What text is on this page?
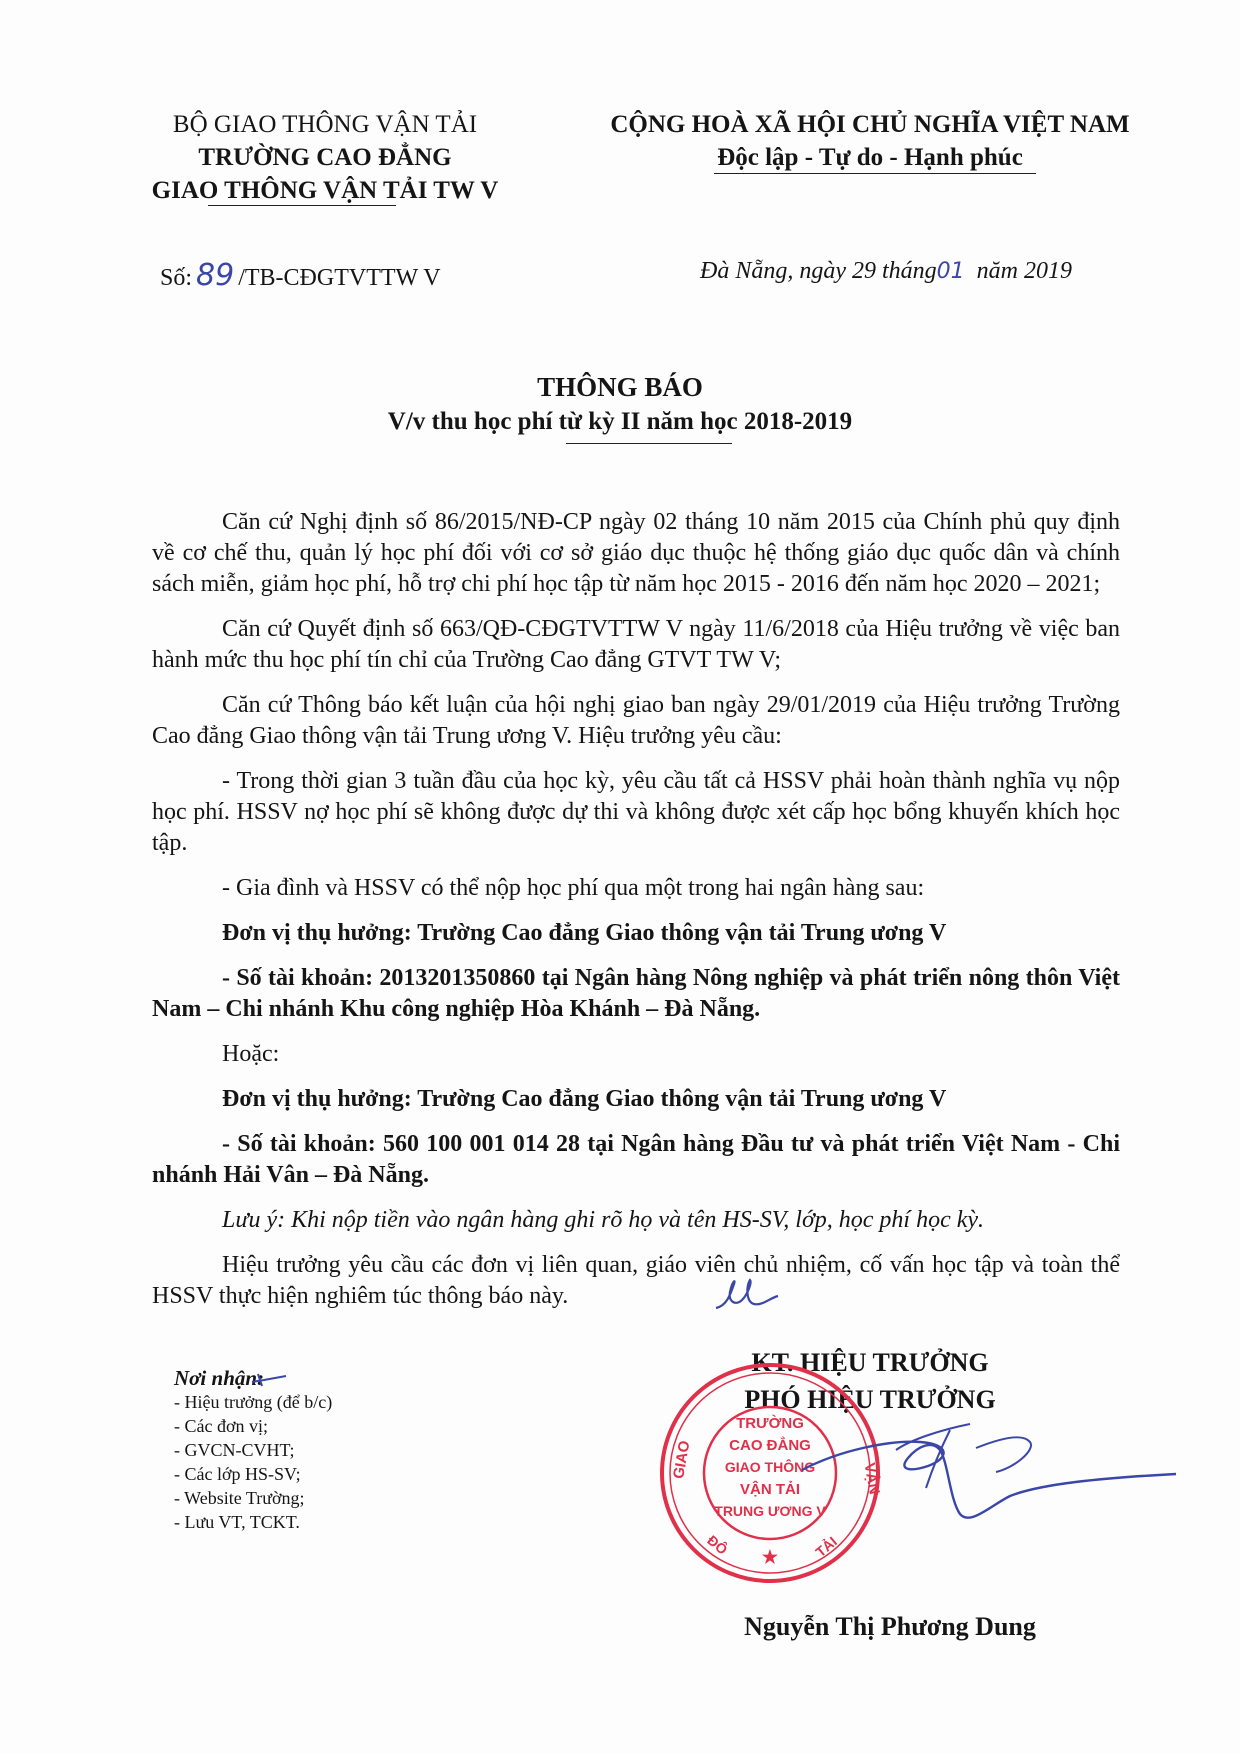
BỘ GIAO THÔNG VẬN TẢI
TRƯỜNG CAO ĐẲNG
GIAO THÔNG VẬN TẢI TW V
CỘNG HOÀ XÃ HỘI CHỦ NGHĨA VIỆT NAM
Độc lập - Tự do - Hạnh phúc
Số: 89 /TB-CĐGTVTTW V	Đà Nẵng, ngày 29 tháng01 năm 2019
THÔNG BÁO
V/v thu học phí từ kỳ II năm học 2018-2019

Căn cứ Nghị định số 86/2015/NĐ-CP ngày 02 tháng 10 năm 2015 của Chính phủ quy định về cơ chế thu, quản lý học phí đối với cơ sở giáo dục thuộc hệ thống giáo dục quốc dân và chính sách miễn, giảm học phí, hỗ trợ chi phí học tập từ năm học 2015 - 2016 đến năm học 2020 – 2021;

Căn cứ Quyết định số 663/QĐ-CĐGTVTTW V ngày 11/6/2018 của Hiệu trưởng về việc ban hành mức thu học phí tín chỉ của Trường Cao đẳng GTVT TW V;

Căn cứ Thông báo kết luận của hội nghị giao ban ngày 29/01/2019 của Hiệu trưởng Trường Cao đẳng Giao thông vận tải Trung ương V. Hiệu trưởng yêu cầu:

- Trong thời gian 3 tuần đầu của học kỳ, yêu cầu tất cả HSSV phải hoàn thành nghĩa vụ nộp học phí. HSSV nợ học phí sẽ không được dự thi và không được xét cấp học bổng khuyến khích học tập.

- Gia đình và HSSV có thể nộp học phí qua một trong hai ngân hàng sau:

Đơn vị thụ hưởng: Trường Cao đẳng Giao thông vận tải Trung ương V

- Số tài khoản: 2013201350860 tại Ngân hàng Nông nghiệp và phát triển nông thôn Việt Nam – Chi nhánh Khu công nghiệp Hòa Khánh – Đà Nẵng.

Hoặc:

Đơn vị thụ hưởng: Trường Cao đẳng Giao thông vận tải Trung ương V

- Số tài khoản: 560 100 001 014 28 tại Ngân hàng Đầu tư và phát triển Việt Nam - Chi nhánh Hải Vân – Đà Nẵng.

Lưu ý: Khi nộp tiền vào ngân hàng ghi rõ họ và tên HS-SV, lớp, học phí học kỳ.

Hiệu trưởng yêu cầu các đơn vị liên quan, giáo viên chủ nhiệm, cố vấn học tập và toàn thể HSSV thực hiện nghiêm túc thông báo này.

Nơi nhận:
- Hiệu trưởng (để b/c)
- Các đơn vị;
- GVCN-CVHT;
- Các lớp HS-SV;
- Website Trường;
- Lưu VT, TCKT.
KT. HIỆU TRƯỞNG
PHÓ HIỆU TRƯỞNG
GIAO	VẬN
ĐÔ	TẢI
TRƯỜNG
CAO ĐẲNG
GIAO THÔNG
VẬN TẢI
TRUNG ƯƠNG V
★
Nguyễn Thị Phương Dung
